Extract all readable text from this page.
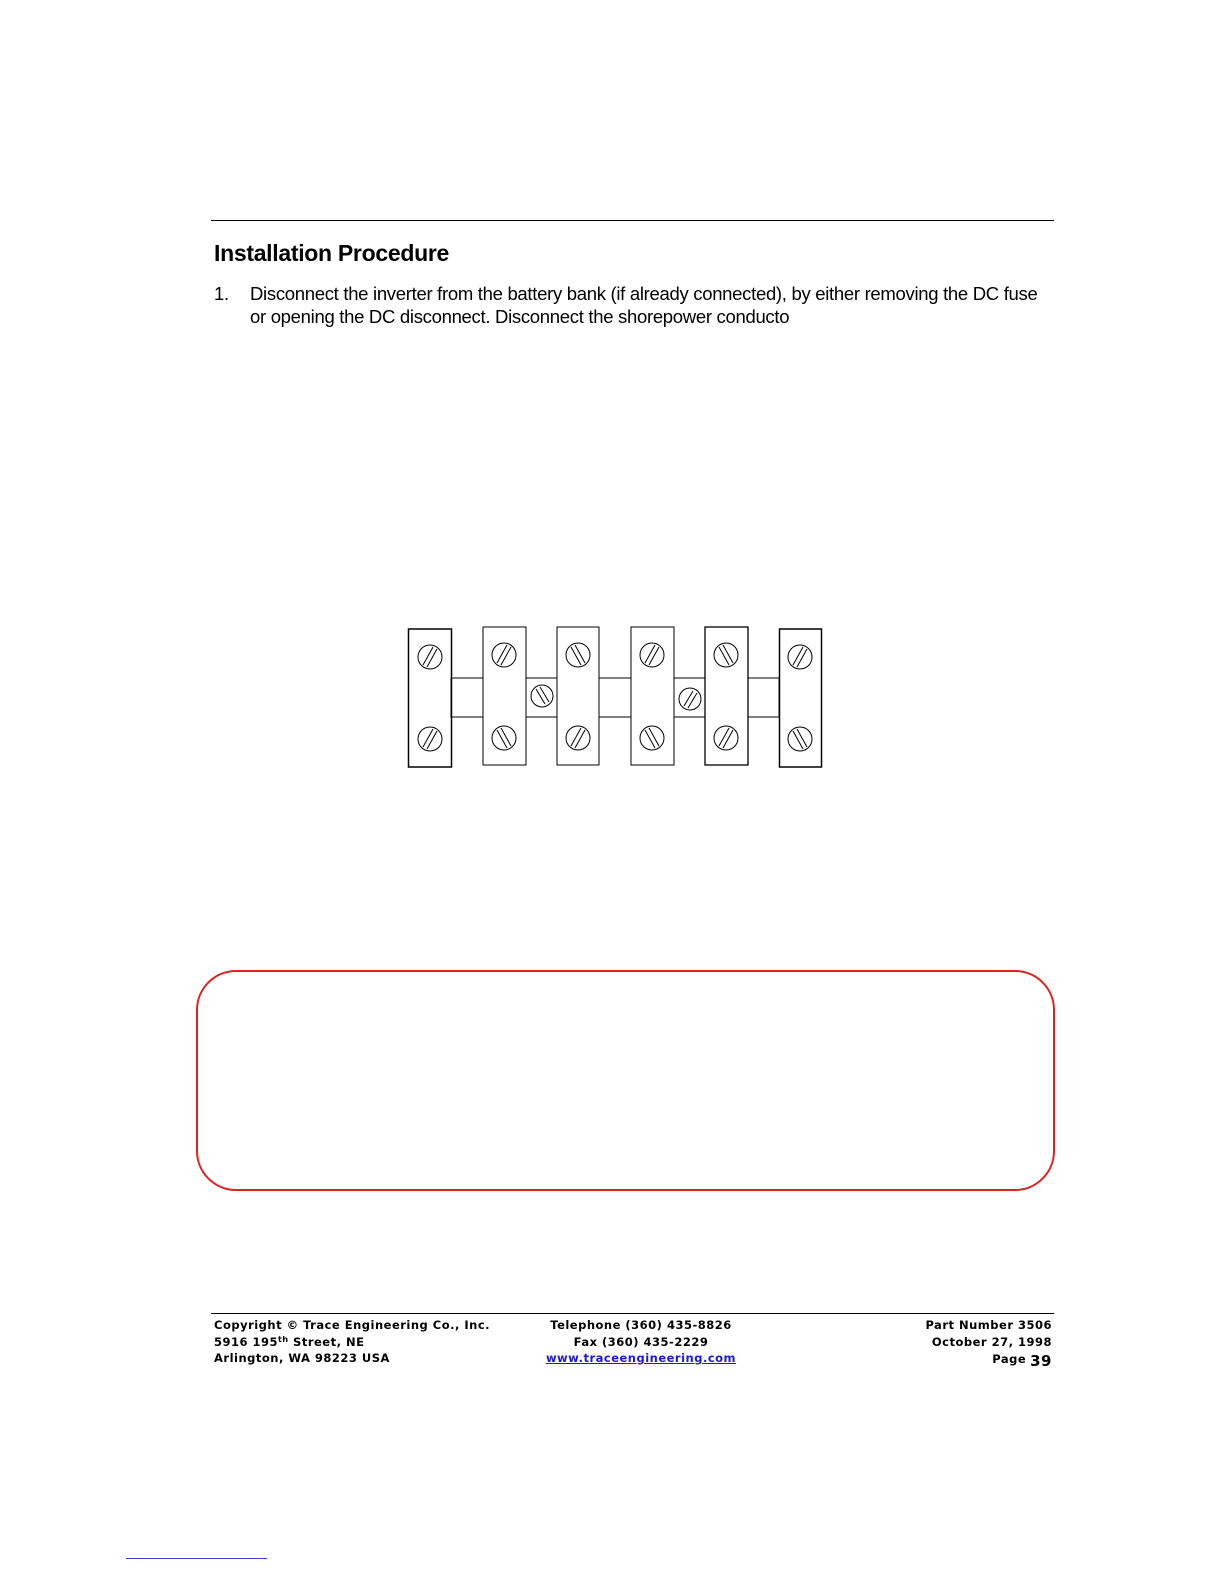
Installation Procedure
1. Disconnect the inverter from the battery bank (if already connected), by either removing the DC fuse or opening the DC disconnect. Disconnect the shorepower conducto
Copyright © Trace Engineering Co., Inc.
5916 195th Street, NE
Arlington, WA 98223 USA
Telephone (360) 435-8826
Fax (360) 435-2229
www.traceengineering.com
Part Number 3506
October 27, 1998
Page 39
